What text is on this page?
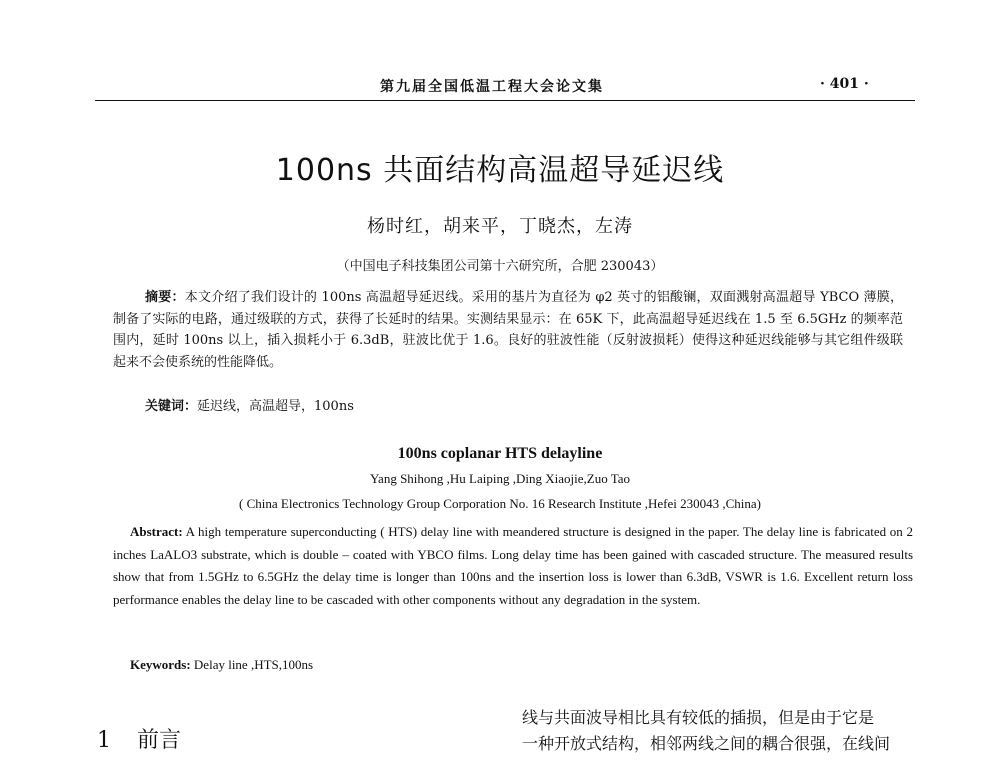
第九届全国低温工程大会论文集	· 401 ·
100ns 共面结构高温超导延迟线
杨时红，胡来平，丁晓杰，左涛
（中国电子科技集团公司第十六研究所，合肥 230043）
摘要：本文介绍了我们设计的 100ns 高温超导延迟线。采用的基片为直径为 φ2 英寸的铝酸镧，双面溅射高温超导 YBCO 薄膜，制备了实际的电路，通过级联的方式，获得了长延时的结果。实测结果显示：在 65K 下，此高温超导延迟线在 1.5 至 6.5GHz 的频率范围内，延时 100ns 以上，插入损耗小于 6.3dB，驻波比优于 1.6。良好的驻波性能（反射波损耗）使得这种延迟线能够与其它组件级联起来不会使系统的性能降低。
关键词：延迟线，高温超导，100ns
100ns coplanar HTS delayline
Yang Shihong ,Hu Laiping ,Ding Xiaojie,Zuo Tao
( China Electronics Technology Group Corporation No. 16 Research Institute ,Hefei 230043 ,China)
Abstract: A high temperature superconducting ( HTS) delay line with meandered structure is designed in the paper. The delay line is fabricated on 2 inches LaALO3 substrate, which is double – coated with YBCO films. Long delay time has been gained with cascaded structure. The measured results show that from 1.5GHz to 6.5GHz the delay time is longer than 100ns and the insertion loss is lower than 6.3dB, VSWR is 1.6. Excellent return loss performance enables the delay line to be cascaded with other components without any degradation in the system.
Keywords: Delay line ,HTS,100ns
1 前言
线与共面波导相比具有较低的插损，但是由于它是
一种开放式结构，相邻两线之间的耦合很强，在线间
